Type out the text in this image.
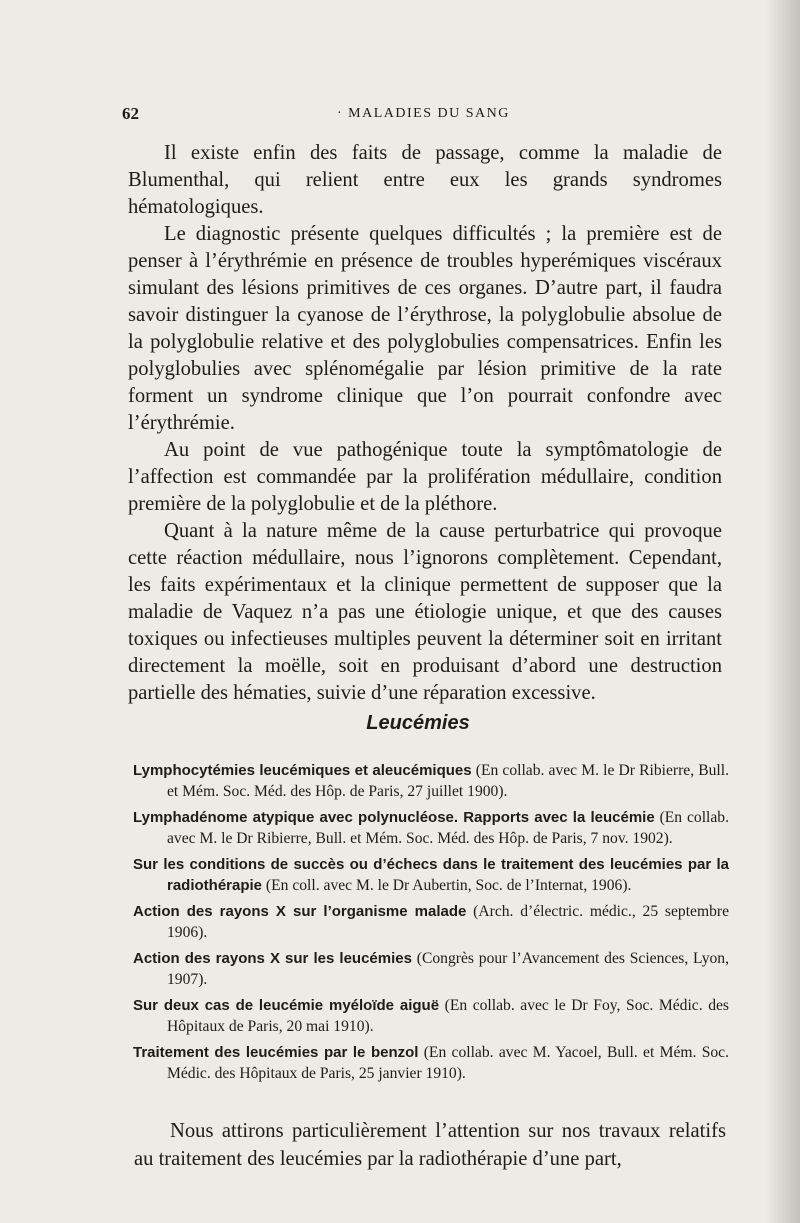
62	· MALADIES DU SANG

Il existe enfin des faits de passage, comme la maladie de Blumenthal, qui relient entre eux les grands syndromes hématologiques.

Le diagnostic présente quelques difficultés ; la première est de penser à l’érythrémie en présence de troubles hyperémiques viscéraux simulant des lésions primitives de ces organes. D’autre part, il faudra savoir distinguer la cyanose de l’érythrose, la polyglobulie absolue de la polyglobulie relative et des polyglobulies compensatrices. Enfin les polyglobulies avec splénomégalie par lésion primitive de la rate forment un syndrome clinique que l’on pourrait confondre avec l’érythrémie.

Au point de vue pathogénique toute la symptômatologie de l’affection est commandée par la prolifération médullaire, condition première de la polyglobulie et de la pléthore.

Quant à la nature même de la cause perturbatrice qui provoque cette réaction médullaire, nous l’ignorons complètement. Cependant, les faits expérimentaux et la clinique permettent de supposer que la maladie de Vaquez n’a pas une étiologie unique, et que des causes toxiques ou infectieuses multiples peuvent la déterminer soit en irritant directement la moëlle, soit en produisant d’abord une destruction partielle des hématies, suivie d’une réparation excessive.

Leucémies
Lymphocytémies leucémiques et aleucémiques (En collab. avec M. le Dr Ribierre, Bull. et Mém. Soc. Méd. des Hôp. de Paris, 27 juillet 1900).
Lymphadénome atypique avec polynucléose. Rapports avec la leucémie (En collab. avec M. le Dr Ribierre, Bull. et Mém. Soc. Méd. des Hôp. de Paris, 7 nov. 1902).
Sur les conditions de succès ou d’échecs dans le traitement des leucémies par la radiothérapie (En coll. avec M. le Dr Aubertin, Soc. de l’Internat, 1906).
Action des rayons X sur l’organisme malade (Arch. d’électric. médic., 25 septembre 1906).
Action des rayons X sur les leucémies (Congrès pour l’Avancement des Sciences, Lyon, 1907).
Sur deux cas de leucémie myéloïde aiguë (En collab. avec le Dr Foy, Soc. Médic. des Hôpitaux de Paris, 20 mai 1910).
Traitement des leucémies par le benzol (En collab. avec M. Yacoel, Bull. et Mém. Soc. Médic. des Hôpitaux de Paris, 25 janvier 1910).

Nous attirons particulièrement l’attention sur nos travaux relatifs au traitement des leucémies par la radiothérapie d’une part,
